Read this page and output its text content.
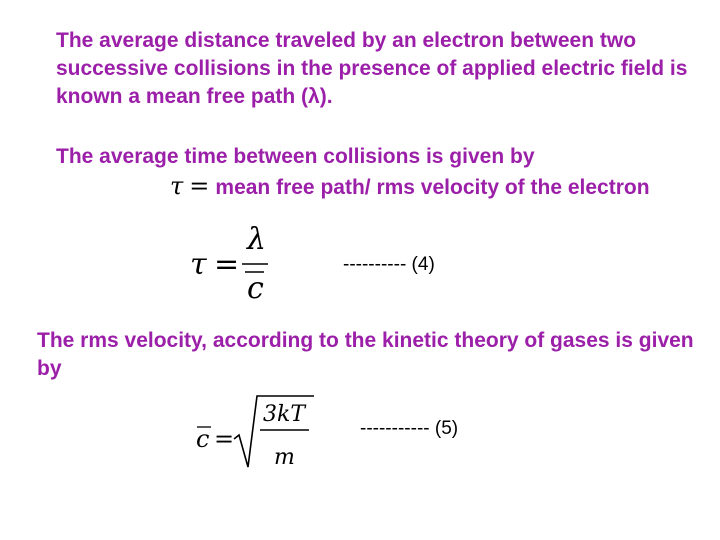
The average distance traveled by an electron between two successive collisions in the presence of applied electric field is known a mean free path (λ).

The average time between collisions is given by

τ = mean free path/ rms velocity of the electron
τ =
λ
c
---------- (4)

The rms velocity, according to the kinetic theory of gases is given by

c =
3kT
m
----------- (5)
